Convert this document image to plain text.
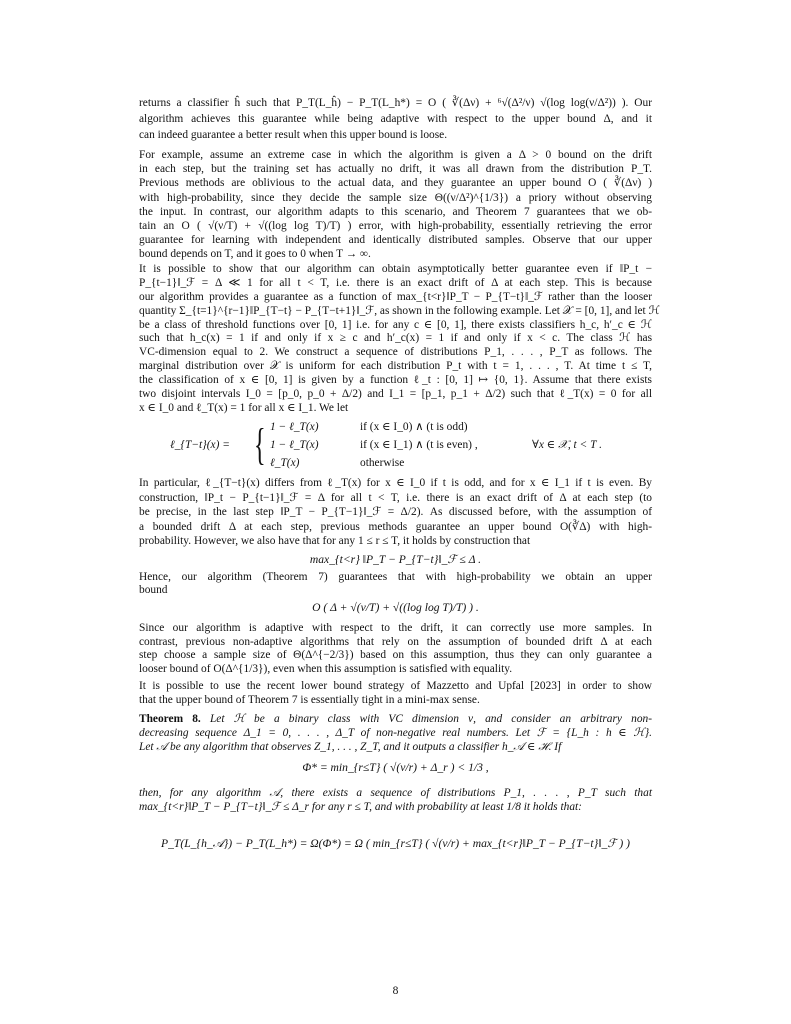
returns a classifier ĥ such that P_T(L_ĥ) − P_T(L_h*) = O ( ∛(Δν) + ⁶√(Δ²/ν) √(log log(ν/Δ²)) ). Our
algorithm achieves this guarantee while being adaptive with respect to the upper bound Δ, and it
can indeed guarantee a better result when this upper bound is loose.
For example, assume an extreme case in which the algorithm is given a Δ > 0 bound on the drift
in each step, but the training set has actually no drift, it was all drawn from the distribution P_T.
Previous methods are oblivious to the actual data, and they guarantee an upper bound O ( ∛(Δν) )
with high-probability, since they decide the sample size Θ((ν/Δ²)^{1/3}) a priory without observing
the input. In contrast, our algorithm adapts to this scenario, and Theorem 7 guarantees that we ob-
tain an O ( √(ν/T) + √((log log T)/T) ) error, with high-probability, essentially retrieving the error
guarantee for learning with independent and identically distributed samples. Observe that our upper
bound depends on T, and it goes to 0 when T → ∞.
It is possible to show that our algorithm can obtain asymptotically better guarantee even if ‖P_t −
P_{t−1}‖_ℱ = Δ ≪ 1 for all t < T, i.e. there is an exact drift of Δ at each step. This is because
our algorithm provides a guarantee as a function of max_{t<r}‖P_T − P_{T−t}‖_ℱ rather than the looser
quantity Σ_{t=1}^{r−1}‖P_{T−t} − P_{T−t+1}‖_ℱ, as shown in the following example. Let 𝒳 = [0, 1], and let ℋ
be a class of threshold functions over [0, 1] i.e. for any c ∈ [0, 1], there exists classifiers h_c, h′_c ∈ ℋ
such that h_c(x) = 1 if and only if x ≥ c and h′_c(x) = 1 if and only if x < c. The class ℋ has
VC-dimension equal to 2. We construct a sequence of distributions P_1, . . . , P_T as follows. The
marginal distribution over 𝒳 is uniform for each distribution P_t with t = 1, . . . , T. At time t ≤ T,
the classification of x ∈ [0, 1] is given by a function ℓ_t : [0, 1] ↦ {0, 1}. Assume that there exists
two disjoint intervals I_0 = [p_0, p_0 + Δ/2) and I_1 = [p_1, p_1 + Δ/2) such that ℓ_T(x) = 0 for all
x ∈ I_0 and ℓ_T(x) = 1 for all x ∈ I_1. We let
ℓ_{T−t}(x) = { 1 − ℓ_T(x)	if (x ∈ I_0) ∧ (t is odd)
1 − ℓ_T(x)	if (x ∈ I_1) ∧ (t is even) ,
ℓ_T(x)	otherwise
∀x ∈ 𝒳, t < T .
In particular, ℓ_{T−t}(x) differs from ℓ_T(x) for x ∈ I_0 if t is odd, and for x ∈ I_1 if t is even. By
construction, ‖P_t − P_{t−1}‖_ℱ = Δ for all t < T, i.e. there is an exact drift of Δ at each step (to
be precise, in the last step ‖P_T − P_{T−1}‖_ℱ = Δ/2). As discussed before, with the assumption of
a bounded drift Δ at each step, previous methods guarantee an upper bound O(∛Δ) with high-
probability. However, we also have that for any 1 ≤ r ≤ T, it holds by construction that
max_{t<r} ‖P_T − P_{T−t}‖_ℱ ≤ Δ .
Hence, our algorithm (Theorem 7) guarantees that with high-probability we obtain an upper
bound
O ( Δ + √(ν/T) + √((log log T)/T) ) .
Since our algorithm is adaptive with respect to the drift, it can correctly use more samples. In
contrast, previous non-adaptive algorithms that rely on the assumption of bounded drift Δ at each
step choose a sample size of Θ(Δ^{−2/3}) based on this assumption, thus they can only guarantee a
looser bound of O(Δ^{1/3}), even when this assumption is satisfied with equality.
It is possible to use the recent lower bound strategy of Mazzetto and Upfal [2023] in order to show
that the upper bound of Theorem 7 is essentially tight in a mini-max sense.
Theorem 8. Let ℋ be a binary class with VC dimension ν, and consider an arbitrary non-
decreasing sequence Δ_1 = 0, . . . , Δ_T of non-negative real numbers. Let ℱ = {L_h : h ∈ ℋ}.
Let 𝒜 be any algorithm that observes Z_1, . . . , Z_T, and it outputs a classifier h_𝒜 ∈ ℋ. If
Φ* = min_{r≤T} ( √(ν/r) + Δ_r ) < 1/3 ,
then, for any algorithm 𝒜, there exists a sequence of distributions P_1, . . . , P_T such that
max_{t<r}‖P_T − P_{T−t}‖_ℱ ≤ Δ_r for any r ≤ T, and with probability at least 1/8 it holds that:
P_T(L_{h_𝒜}) − P_T(L_h*) = Ω(Φ*) = Ω ( min_{r≤T} ( √(ν/r) + max_{t<r}‖P_T − P_{T−t}‖_ℱ ) )
8
